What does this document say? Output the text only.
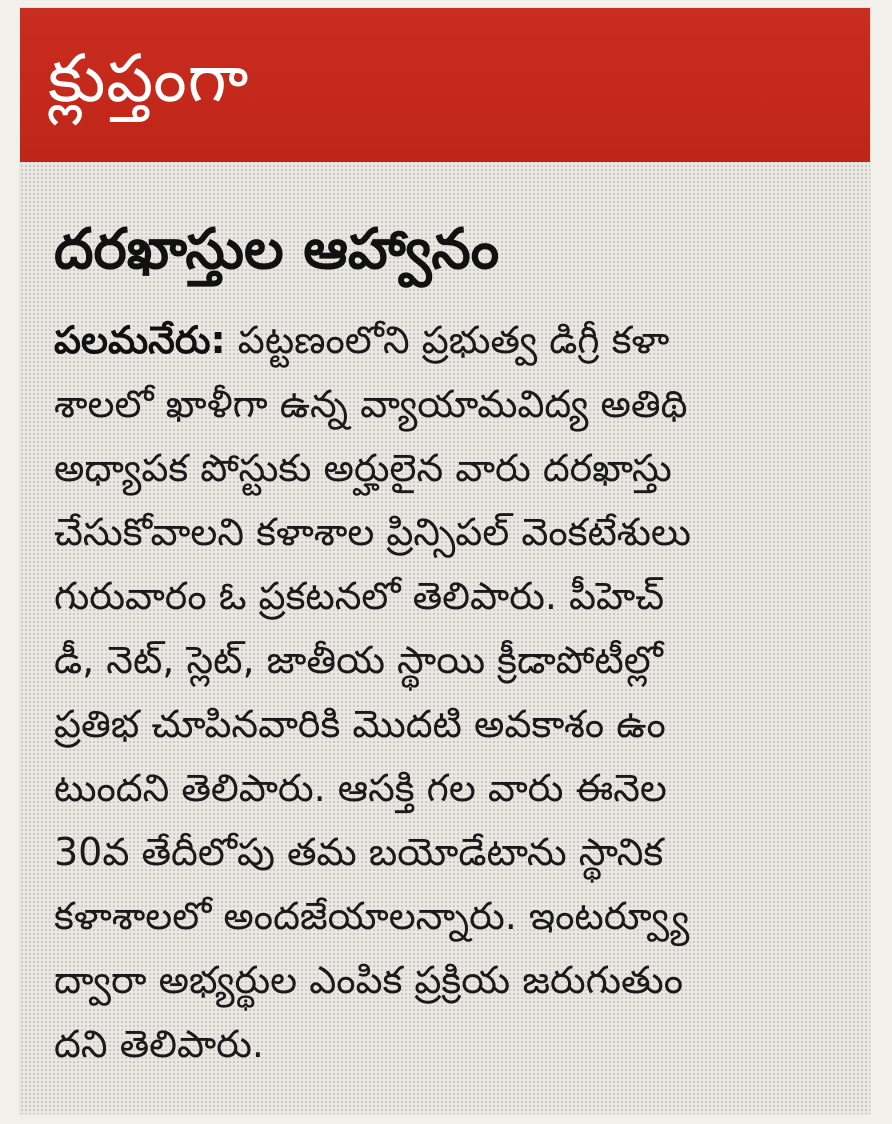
క్లుప్తంగా
దరఖాస్తుల ఆహ్వానం
పలమనేరు: పట్టణంలోని ప్రభుత్వ డిగ్రీ కళా
శాలలో ఖాళీగా ఉన్న వ్యాయామవిద్య అతిథి
అధ్యాపక పోస్టుకు అర్హులైన వారు దరఖాస్తు
చేసుకోవాలని కళాశాల ప్రిన్సిపల్ వెంకటేశులు
గురువారం ఓ ప్రకటనలో తెలిపారు. పీహెచ్
డీ, నెట్, స్లెట్, జాతీయ స్థాయి క్రీడాపోటీల్లో
ప్రతిభ చూపినవారికి మొదటి అవకాశం ఉం
టుందని తెలిపారు. ఆసక్తి గల వారు ఈనెల
30వ తేదీలోపు తమ బయోడేటాను స్థానిక
కళాశాలలో అందజేయాలన్నారు. ఇంటర్వ్యూ
ద్వారా అభ్యర్థుల ఎంపిక ప్రక్రియ జరుగుతుం
దని తెలిపారు.
